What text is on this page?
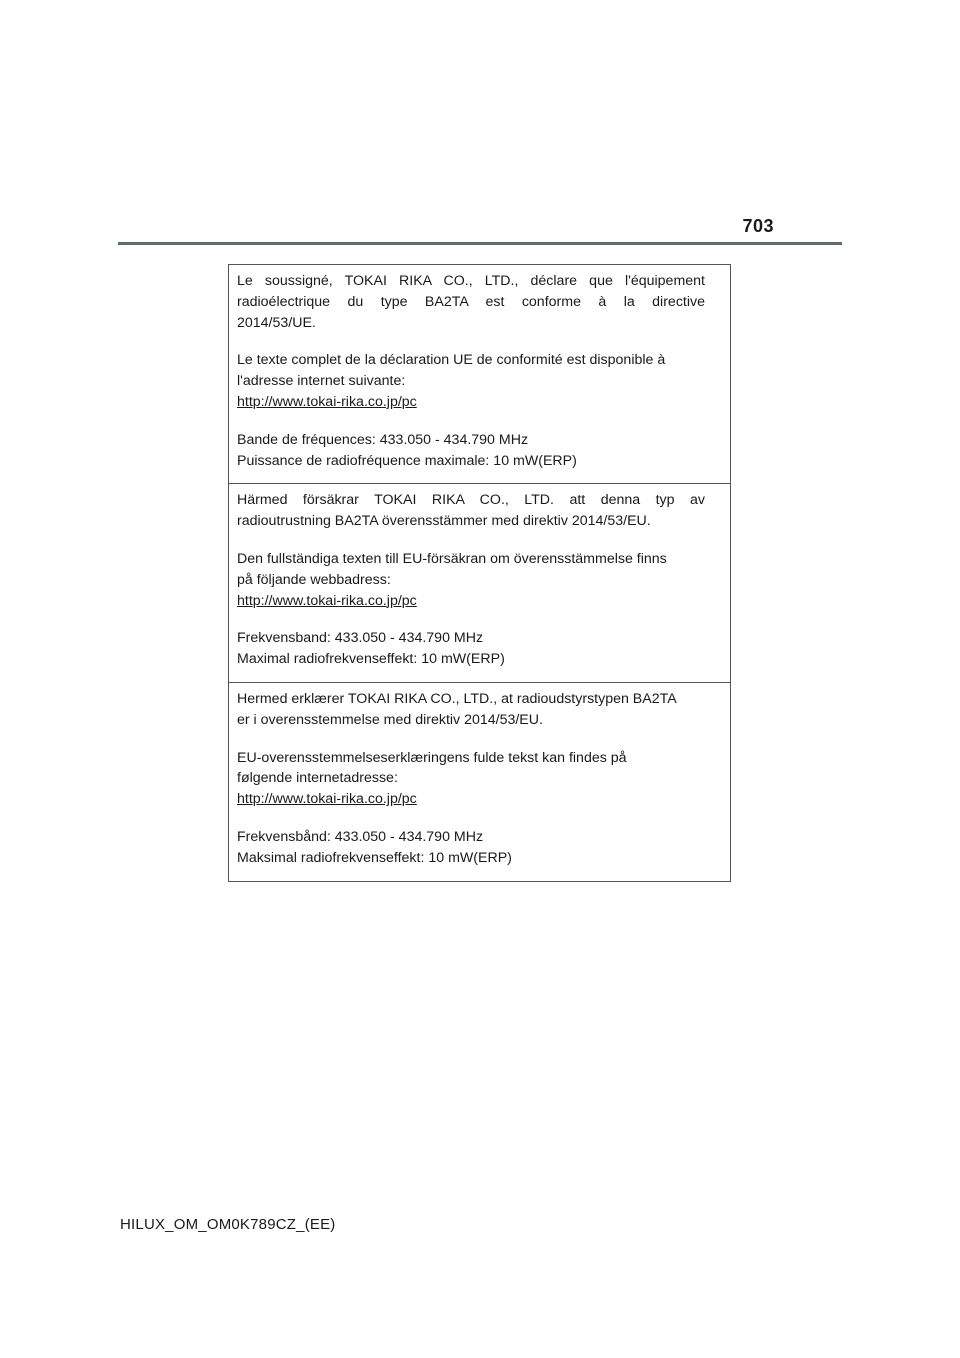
703

Le soussigné, TOKAI RIKA CO., LTD., déclare que l'équipement

radioélectrique du type BA2TA est conforme à la directive

2014/53/UE.

Le texte complet de la déclaration UE de conformité est disponible à

l'adresse internet suivante:

http://www.tokai-rika.co.jp/pc

Bande de fréquences: 433.050 - 434.790 MHz

Puissance de radiofréquence maximale: 10 mW(ERP)

Härmed försäkrar TOKAI RIKA CO., LTD. att denna typ av

radioutrustning BA2TA överensstämmer med direktiv 2014/53/EU.

Den fullständiga texten till EU-försäkran om överensstämmelse finns

på följande webbadress:

http://www.tokai-rika.co.jp/pc

Frekvensband: 433.050 - 434.790 MHz

Maximal radiofrekvenseffekt: 10 mW(ERP)

Hermed erklærer TOKAI RIKA CO., LTD., at radioudstyrstypen BA2TA

er i overensstemmelse med direktiv 2014/53/EU.

EU-overensstemmelseserklæringens fulde tekst kan findes på

følgende internetadresse:

http://www.tokai-rika.co.jp/pc

Frekvensbånd: 433.050 - 434.790 MHz

Maksimal radiofrekvenseffekt: 10 mW(ERP)

HILUX_OM_OM0K789CZ_(EE)
